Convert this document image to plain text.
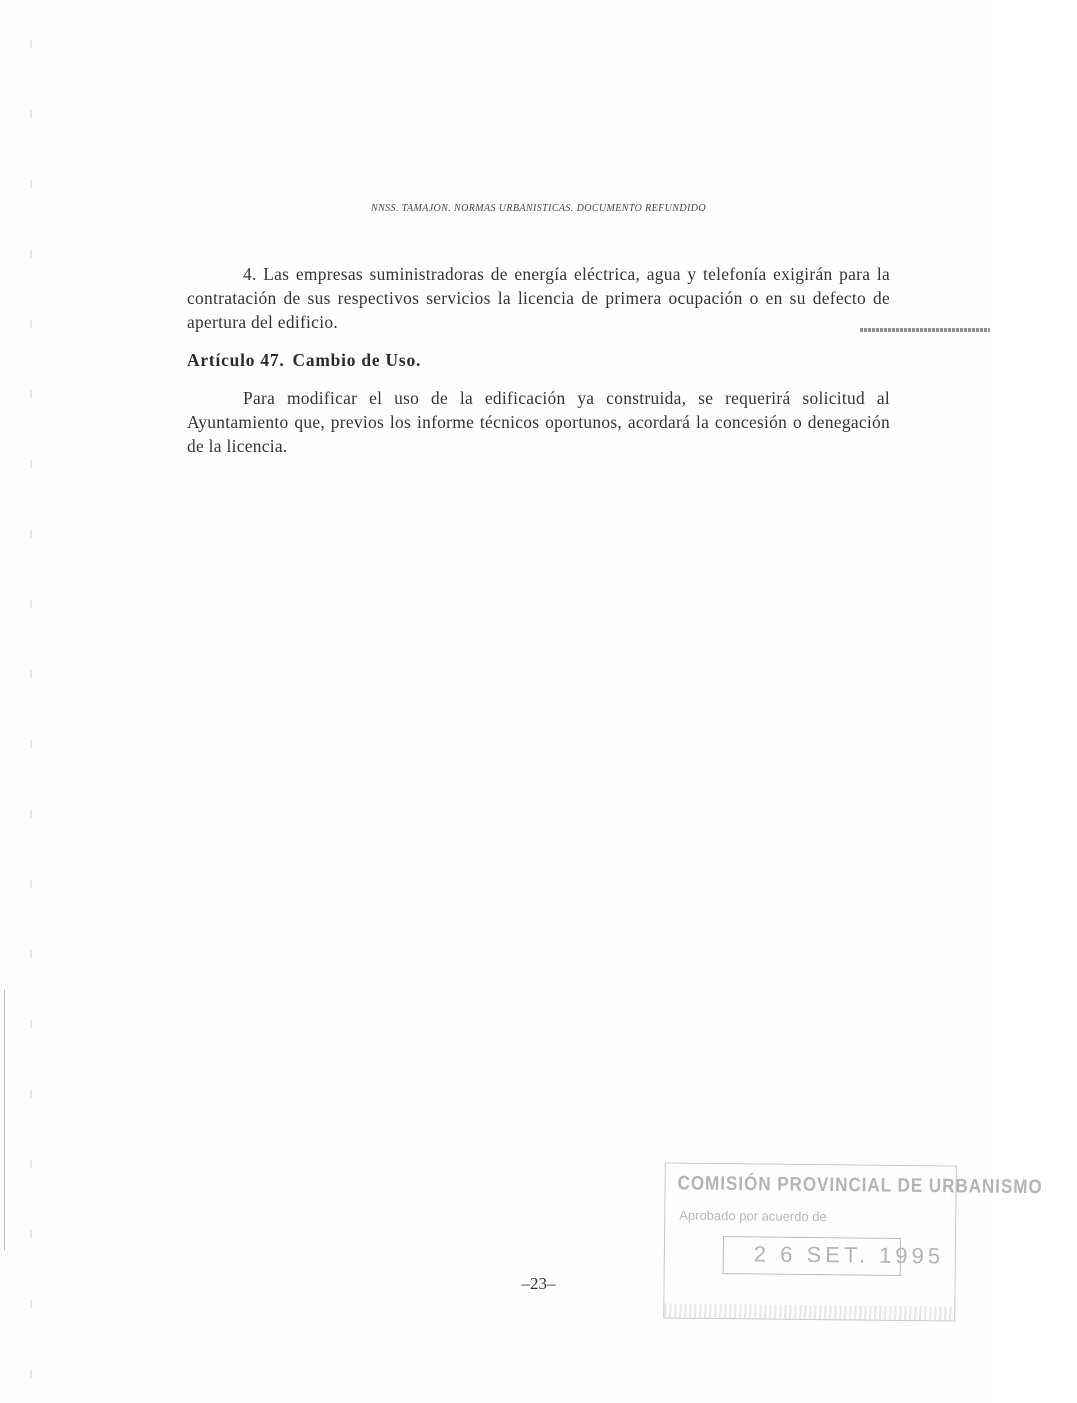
NNSS. TAMAJON. NORMAS URBANISTICAS. DOCUMENTO REFUNDIDO

4. Las empresas suministradoras de energía eléctrica, agua y telefonía exigirán para la contratación de sus respectivos servicios la licencia de primera ocupación o en su defecto de apertura del edificio.

Artículo 47. Cambio de Uso.

Para modificar el uso de la edificación ya construida, se requerirá solicitud al Ayuntamiento que, previos los informe técnicos oportunos, acordará la concesión o denegación de la licencia.

–23–
COMISIÓN PROVINCIAL DE URBANISMO
Aprobado por acuerdo de
2 6 SET. 1995
